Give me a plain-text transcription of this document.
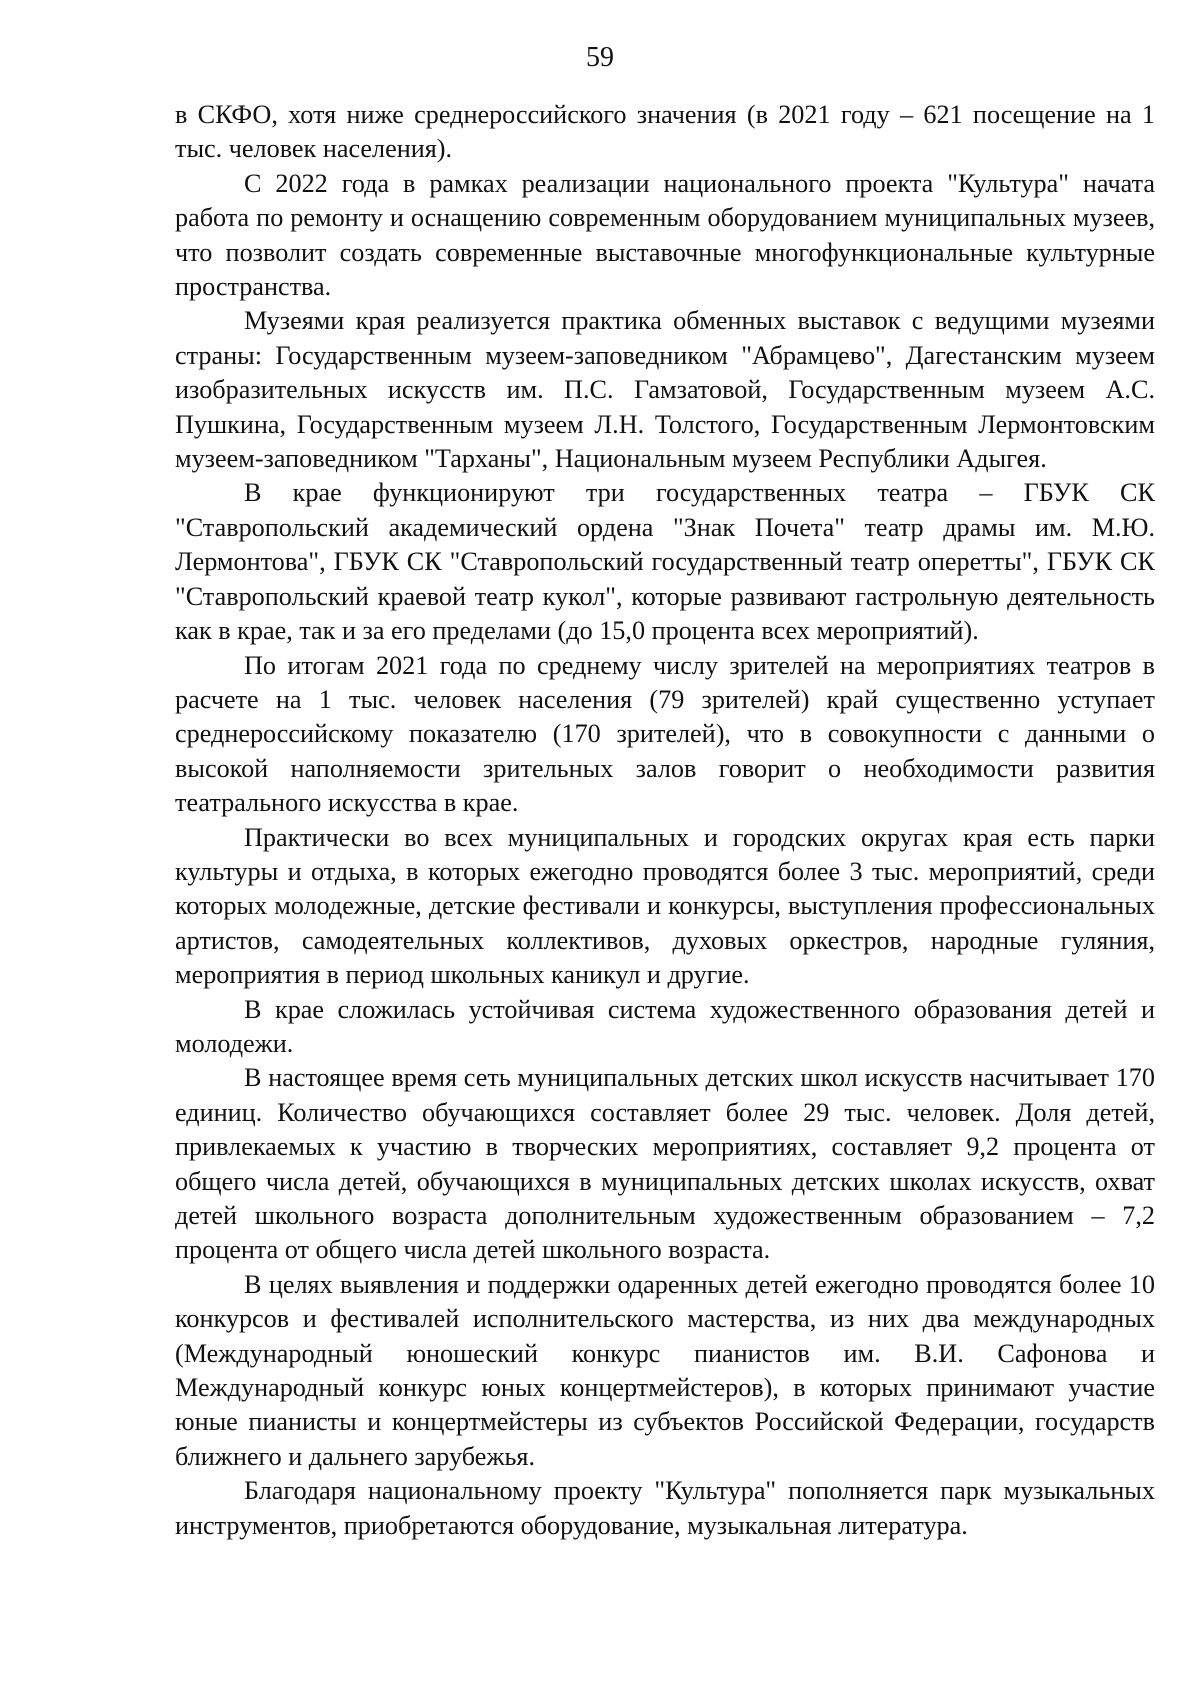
59

в СКФО, хотя ниже среднероссийского значения (в 2021 году – 621 посещение на 1 тыс. человек населения).

С 2022 года в рамках реализации национального проекта "Культура" начата работа по ремонту и оснащению современным оборудованием муниципальных музеев, что позволит создать современные выставочные многофункциональные культурные пространства.

Музеями края реализуется практика обменных выставок с ведущими музеями страны: Государственным музеем-заповедником "Абрамцево", Дагестанским музеем изобразительных искусств им. П.С. Гамзатовой, Государственным музеем А.С. Пушкина, Государственным музеем Л.Н. Толстого, Государственным Лермонтовским музеем-заповедником "Тарханы", Национальным музеем Республики Адыгея.

В крае функционируют три государственных театра – ГБУК СК "Ставропольский академический ордена "Знак Почета" театр драмы им. М.Ю. Лермонтова", ГБУК СК "Ставропольский государственный театр оперетты", ГБУК СК "Ставропольский краевой театр кукол", которые развивают гастрольную деятельность как в крае, так и за его пределами (до 15,0 процента всех мероприятий).

По итогам 2021 года по среднему числу зрителей на мероприятиях театров в расчете на 1 тыс. человек населения (79 зрителей) край существенно уступает среднероссийскому показателю (170 зрителей), что в совокупности с данными о высокой наполняемости зрительных залов говорит о необходимости развития театрального искусства в крае.

Практически во всех муниципальных и городских округах края есть парки культуры и отдыха, в которых ежегодно проводятся более 3 тыс. мероприятий, среди которых молодежные, детские фестивали и конкурсы, выступления профессиональных артистов, самодеятельных коллективов, духовых оркестров, народные гуляния, мероприятия в период школьных каникул и другие.

В крае сложилась устойчивая система художественного образования детей и молодежи.

В настоящее время сеть муниципальных детских школ искусств насчитывает 170 единиц. Количество обучающихся составляет более 29 тыс. человек. Доля детей, привлекаемых к участию в творческих мероприятиях, составляет 9,2 процента от общего числа детей, обучающихся в муниципальных детских школах искусств, охват детей школьного возраста дополнительным художественным образованием – 7,2 процента от общего числа детей школьного возраста.

В целях выявления и поддержки одаренных детей ежегодно проводятся более 10 конкурсов и фестивалей исполнительского мастерства, из них два международных (Международный юношеский конкурс пианистов им. В.И. Сафонова и Международный конкурс юных концертмейстеров), в которых принимают участие юные пианисты и концертмейстеры из субъектов Российской Федерации, государств ближнего и дальнего зарубежья.

Благодаря национальному проекту "Культура" пополняется парк музыкальных инструментов, приобретаются оборудование, музыкальная литература.
